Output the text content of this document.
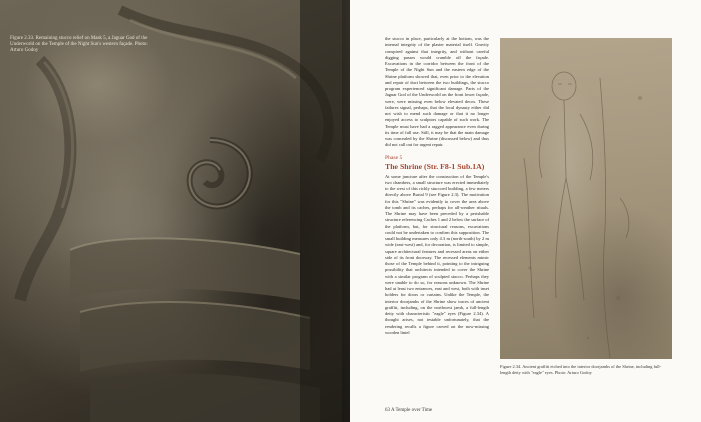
Figure 2.33. Remaining stucco relief on Mask 5, a Jaguar God of the Underworld on the Temple of the Night Sun's western façade. Photo: Arturo Godoy

the stucco in place, particularly at the bottom, was the internal integrity of the plaster material itself. Gravity conspired against that integrity, and without careful digging passes would crumble off the façade. Excavations in the corridor between the front of the Temple of the Night Sun and the eastern edge of the Shrine platform showed that, even prior to the elevation and repair of duct between the two buildings, the stucco program experienced significant damage. Parts of the Jaguar God of the Underworld on the front lower façade, were, were missing even below elevated decos. These failures signal, perhaps, that the local dynasty either did not wish to mend such damage or that it no longer enjoyed access to sculptors capable of such work. The Temple must have had a ragged appearance even during its time of full use. Still, it may be that the main damage was concealed by the Shrine (discussed below) and thus did not call out for urgent repair.

Phase 5
The Shrine (Str. F8-1 Sub.1A)

At some juncture after the construction of the Temple's two chambers, a small structure was erected immediately to the west of this richly stuccoed building, a few meters directly above Burial 9 (see Figure 2.3). The motivation for this "Shrine" was evidently to cover the area above the tomb and its caches, perhaps for all-weather rituals. The Shrine may have been preceded by a perishable structure referencing Caches 1 and 2 below the surface of the platform, but, for structural reasons, excavations could not be undertaken to confirm this supposition. The small building measures only 4.3 m (north-south) by 2 m wide (east-west) and, for decoration, is limited to simple, square architectural features and recessed areas on either side of its front doorway. The recessed elements mimic those of the Temple behind it, pointing to the intriguing possibility that architects intended to cover the Shrine with a similar program of sculpted stucco. Perhaps they were unable to do so, for reasons unknown. The Shrine had at least two entrances, east and west, both with inset holders for doors or curtains. Unlike the Temple, the interior doorjambs of the Shrine show traces of ancient graffiti, including, on the northwest jamb, a full-length deity with characteristic "eagle" eyes (Figure 2.34). A thought arises, not testable unfortunately, that the rendering recalls a figure carved on the now-missing wooden lintel

Figure 2.34. Ancient graffiti etched into the interior doorjambs of the Shrine, including full-length deity with "eagle" eyes. Photo: Arturo Godoy

63 A Temple over Time
